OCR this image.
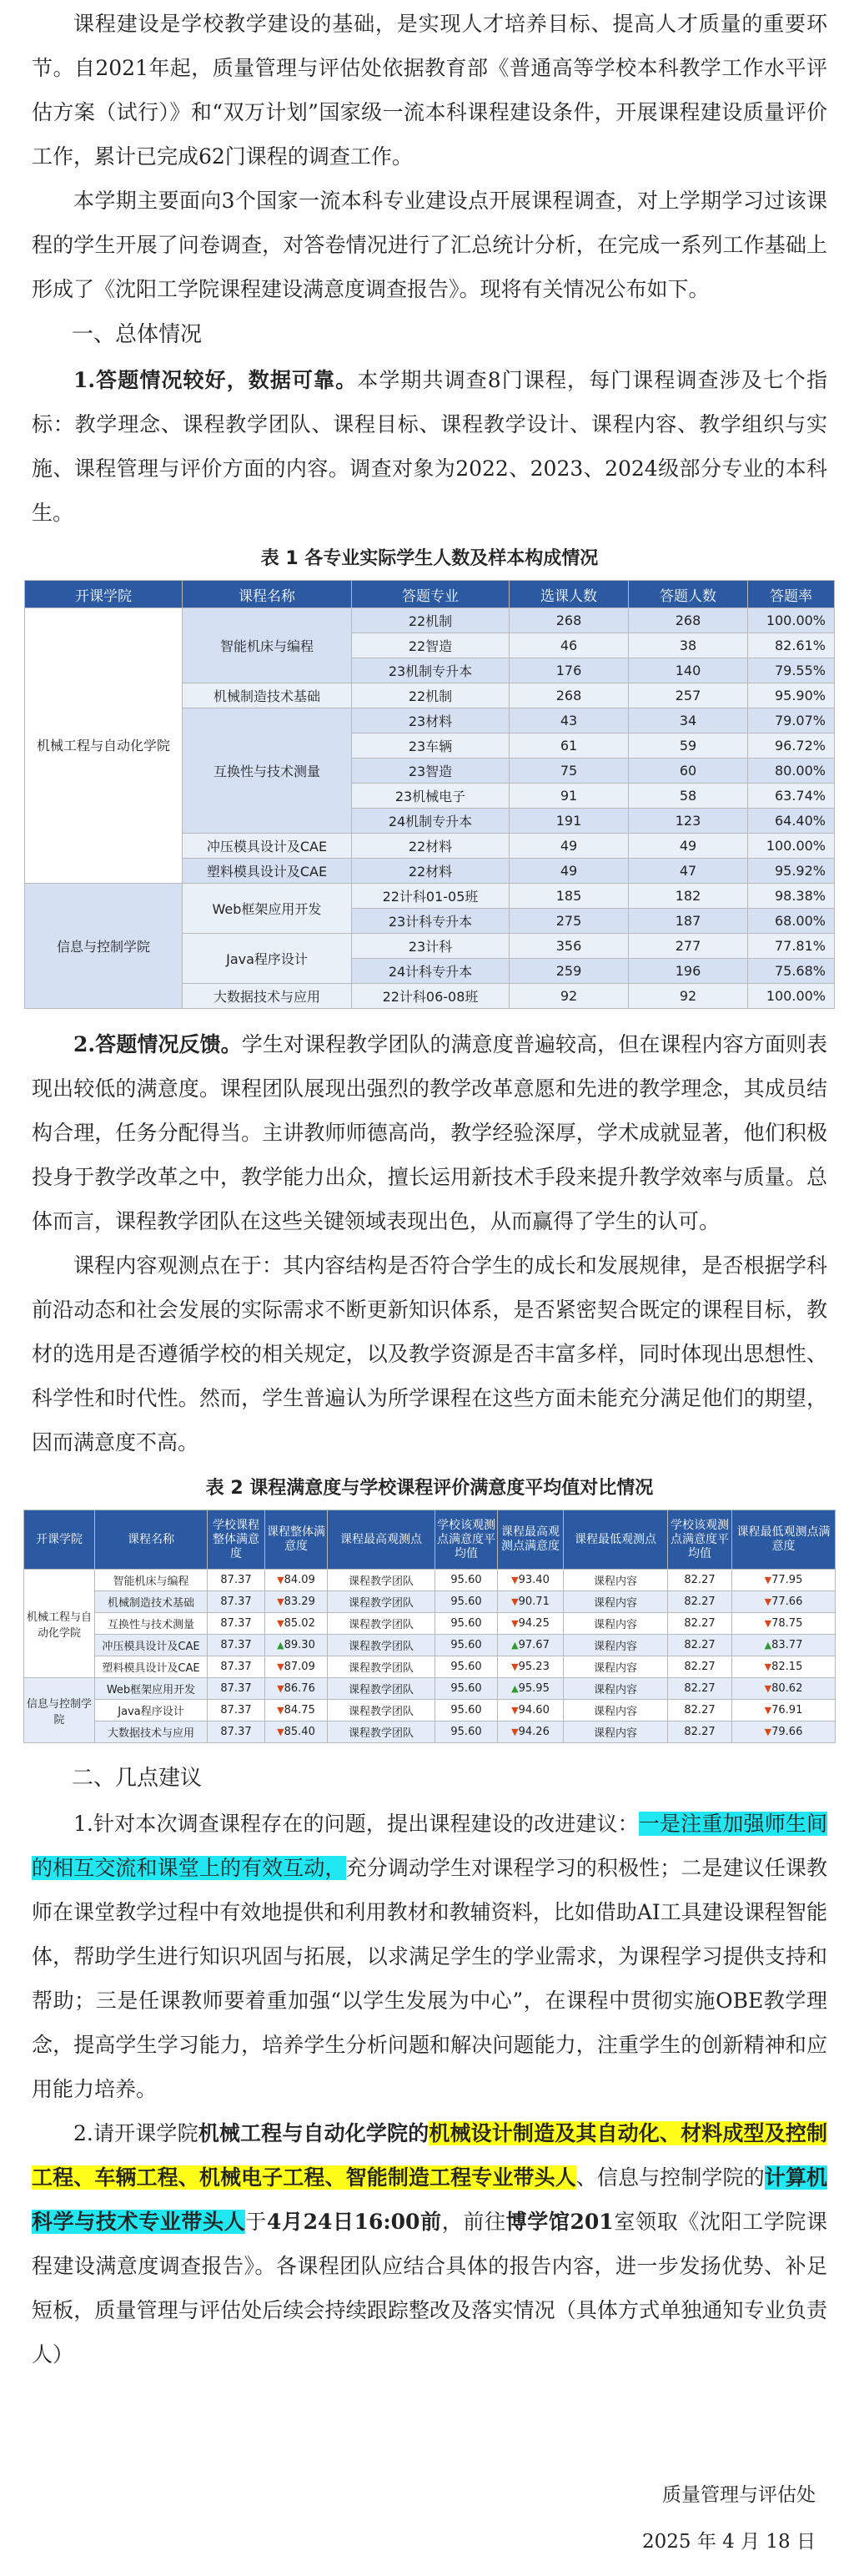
课程建设是学校教学建设的基础，是实现人才培养目标、提高人才质量的重要环节。自2021年起，质量管理与评估处依据教育部《普通高等学校本科教学工作水平评估方案（试行）》和“双万计划”国家级一流本科课程建设条件，开展课程建设质量评价工作，累计已完成62门课程的调查工作。

本学期主要面向3个国家一流本科专业建设点开展课程调查，对上学期学习过该课程的学生开展了问卷调查，对答卷情况进行了汇总统计分析，在完成一系列工作基础上形成了《沈阳工学院课程建设满意度调查报告》。现将有关情况公布如下。

一、总体情况

1.答题情况较好，数据可靠。本学期共调查8门课程，每门课程调查涉及七个指标：教学理念、课程教学团队、课程目标、课程教学设计、课程内容、教学组织与实施、课程管理与评价方面的内容。调查对象为2022、2023、2024级部分专业的本科生。

表 1 各专业实际学生人数及样本构成情况
开课学院	课程名称	答题专业	选课人数	答题人数	答题率
机械工程与自动化学院	智能机床与编程	22机制	268	268	100.00%
		22智造	46	38	82.61%
		23机制专升本	176	140	79.55%
	机械制造技术基础	22机制	268	257	95.90%
	互换性与技术测量	23材料	43	34	79.07%
		23车辆	61	59	96.72%
		23智造	75	60	80.00%
		23机械电子	91	58	63.74%
		24机制专升本	191	123	64.40%
	冲压模具设计及CAE	22材料	49	49	100.00%
	塑料模具设计及CAE	22材料	49	47	95.92%
信息与控制学院	Web框架应用开发	22计科01-05班	185	182	98.38%
		23计科专升本	275	187	68.00%
	Java程序设计	23计科	356	277	77.81%
		24计科专升本	259	196	75.68%
	大数据技术与应用	22计科06-08班	92	92	100.00%

2.答题情况反馈。学生对课程教学团队的满意度普遍较高，但在课程内容方面则表现出较低的满意度。课程团队展现出强烈的教学改革意愿和先进的教学理念，其成员结构合理，任务分配得当。主讲教师师德高尚，教学经验深厚，学术成就显著，他们积极投身于教学改革之中，教学能力出众，擅长运用新技术手段来提升教学效率与质量。总体而言，课程教学团队在这些关键领域表现出色，从而赢得了学生的认可。

课程内容观测点在于：其内容结构是否符合学生的成长和发展规律，是否根据学科前沿动态和社会发展的实际需求不断更新知识体系，是否紧密契合既定的课程目标，教材的选用是否遵循学校的相关规定，以及教学资源是否丰富多样，同时体现出思想性、科学性和时代性。然而，学生普遍认为所学课程在这些方面未能充分满足他们的期望，因而满意度不高。

表 2 课程满意度与学校课程评价满意度平均值对比情况
开课学院	课程名称	学校课程整体满意度	课程整体满意度	课程最高观测点	学校该观测点满意度平均值	课程最高观测点满意度	课程最低观测点	学校该观测点满意度平均值	课程最低观测点满意度
机械工程与自动化学院	智能机床与编程	87.37	▼84.09	课程教学团队	95.60	▼93.40	课程内容	82.27	▼77.95
	机械制造技术基础	87.37	▼83.29	课程教学团队	95.60	▼90.71	课程内容	82.27	▼77.66
	互换性与技术测量	87.37	▼85.02	课程教学团队	95.60	▼94.25	课程内容	82.27	▼78.75
	冲压模具设计及CAE	87.37	▲89.30	课程教学团队	95.60	▲97.67	课程内容	82.27	▲83.77
	塑料模具设计及CAE	87.37	▼87.09	课程教学团队	95.60	▼95.23	课程内容	82.27	▼82.15
信息与控制学院	Web框架应用开发	87.37	▼86.76	课程教学团队	95.60	▲95.95	课程内容	82.27	▼80.62
	Java程序设计	87.37	▼84.75	课程教学团队	95.60	▼94.60	课程内容	82.27	▼76.91
	大数据技术与应用	87.37	▼85.40	课程教学团队	95.60	▼94.26	课程内容	82.27	▼79.66
二、几点建议

1.针对本次调查课程存在的问题，提出课程建设的改进建议：一是注重加强师生间的相互交流和课堂上的有效互动，充分调动学生对课程学习的积极性；二是建议任课教师在课堂教学过程中有效地提供和利用教材和教辅资料，比如借助AI工具建设课程智能体，帮助学生进行知识巩固与拓展，以求满足学生的学业需求，为课程学习提供支持和帮助；三是任课教师要着重加强“以学生发展为中心”，在课程中贯彻实施OBE教学理念，提高学生学习能力，培养学生分析问题和解决问题能力，注重学生的创新精神和应用能力培养。

2.请开课学院机械工程与自动化学院的机械设计制造及其自动化、材料成型及控制工程、车辆工程、机械电子工程、智能制造工程专业带头人、信息与控制学院的计算机科学与技术专业带头人于4月24日16:00前，前往博学馆201室领取《沈阳工学院课程建设满意度调查报告》。各课程团队应结合具体的报告内容，进一步发扬优势、补足短板，质量管理与评估处后续会持续跟踪整改及落实情况（具体方式单独通知专业负责人）

质量管理与评估处
2025 年 4 月 18 日
